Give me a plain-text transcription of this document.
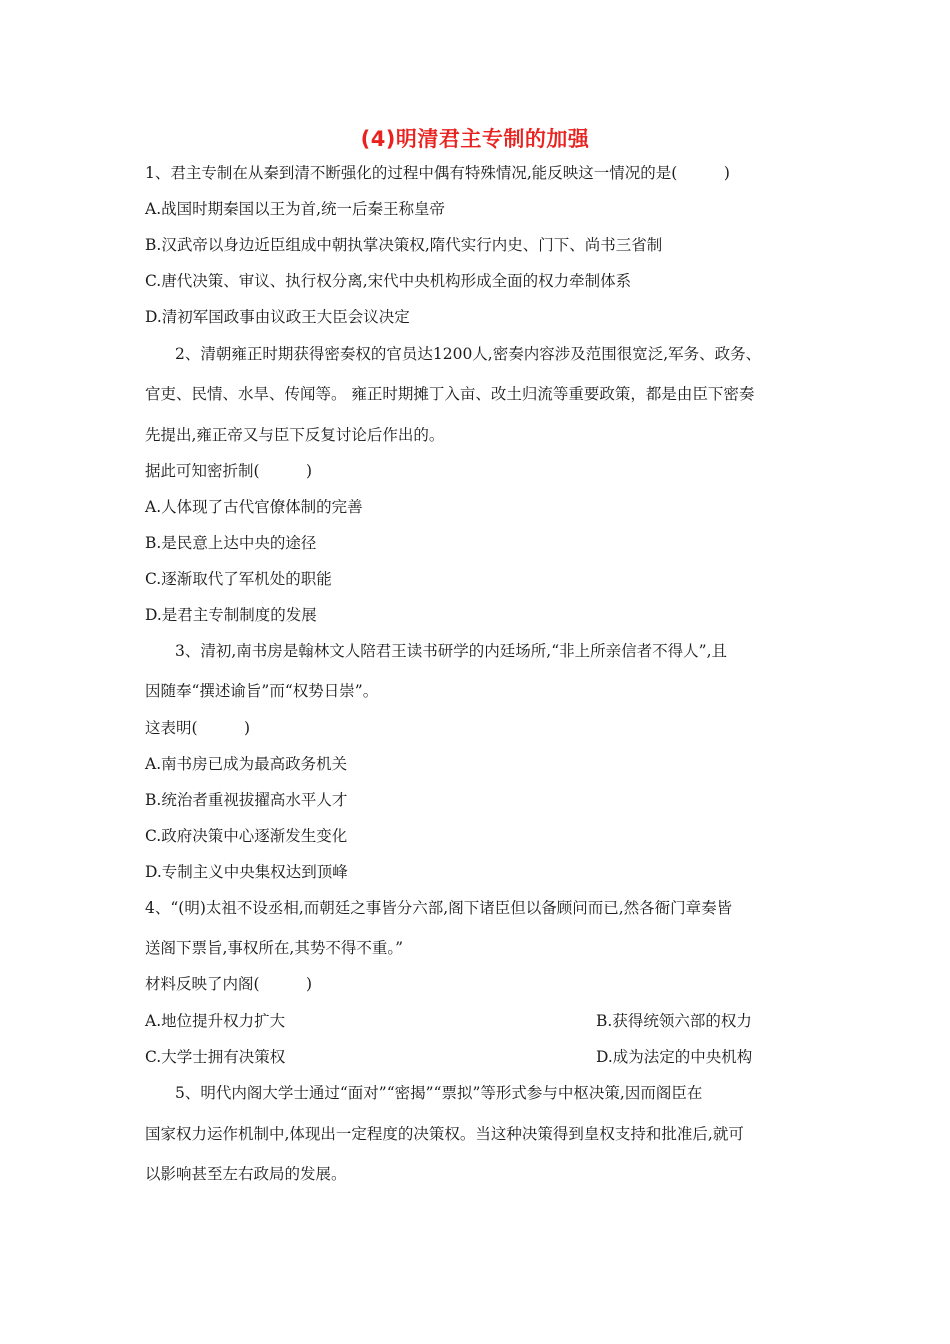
(4)明清君主专制的加强
1、君主专制在从秦到清不断强化的过程中偶有特殊情况,能反映这一情况的是(　　　)
A.战国时期秦国以王为首,统一后秦王称皇帝
B.汉武帝以身边近臣组成中朝执掌决策权,隋代实行内史、门下、尚书三省制
C.唐代决策、审议、执行权分离,宋代中央机构形成全面的权力牵制体系
D.清初军国政事由议政王大臣会议决定
2、清朝雍正时期获得密奏权的官员达1200人,密奏内容涉及范围很宽泛,军务、政务、
官吏、民情、水旱、传闻等。 雍正时期摊丁入亩、改土归流等重要政策，都是由臣下密奏
先提出,雍正帝又与臣下反复讨论后作出的。
据此可知密折制(　　　)
A.人体现了古代官僚体制的完善
B.是民意上达中央的途径
C.逐渐取代了军机处的职能
D.是君主专制制度的发展
3、清初,南书房是翰林文人陪君王读书研学的内廷场所,“非上所亲信者不得人”,且
因随奉“撰述谕旨”而“权势日崇”。
这表明(　　　)
A.南书房已成为最高政务机关
B.统治者重视拔擢高水平人才
C.政府决策中心逐渐发生变化
D.专制主义中央集权达到顶峰
4、“(明)太祖不设丞相,而朝廷之事皆分六部,阁下诸臣但以备顾问而已,然各衙门章奏皆
送阁下票旨,事权所在,其势不得不重。”
材料反映了内阁(　　　)
A.地位提升权力扩大	B.获得统领六部的权力
C.大学士拥有决策权	D.成为法定的中央机构
5、明代内阁大学士通过“面对”“密揭”“票拟”等形式参与中枢决策,因而阁臣在
国家权力运作机制中,体现出一定程度的决策权。当这种决策得到皇权支持和批准后,就可
以影响甚至左右政局的发展。
